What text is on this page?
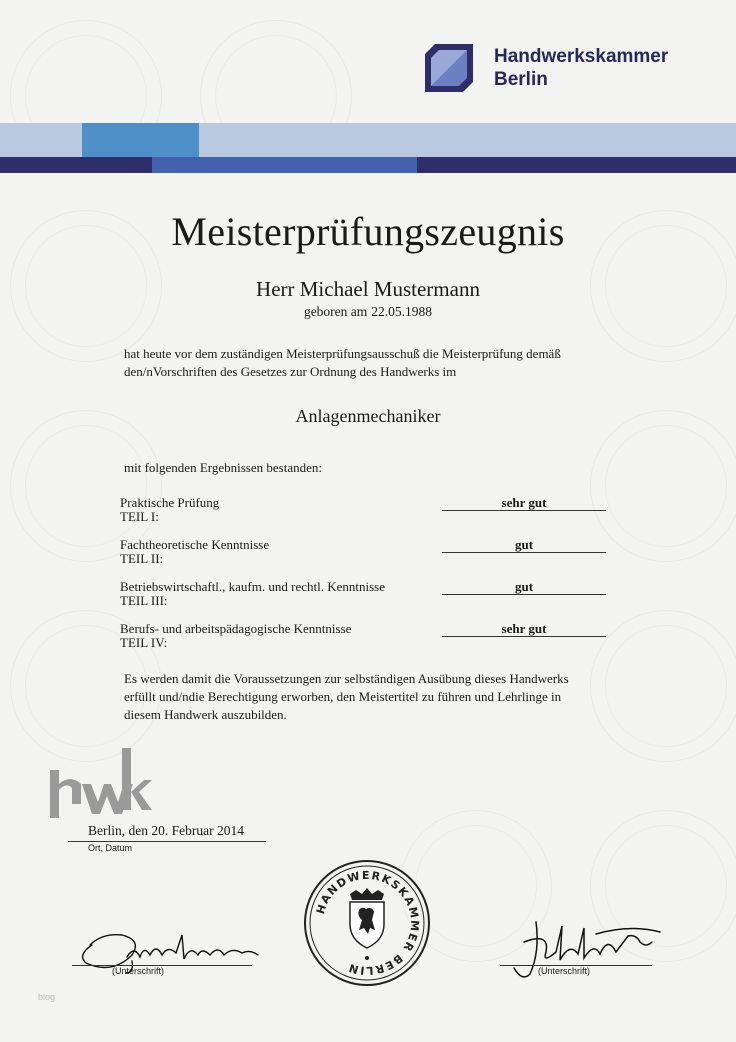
Handwerkskammer
Berlin
Meisterprüfungszeugnis
Herr Michael Mustermann
geboren am 22.05.1988
hat heute vor dem zuständigen Meisterprüfungsausschuß die Meisterprüfung demäß
den/nVorschriften des Gesetzes zur Ordnung des Handwerks im
Anlagenmechaniker
mit folgenden Ergebnissen bestanden:
Praktische Prüfung
TEIL I:
sehr gut
Fachtheoretische Kenntnisse
TEIL II:
gut
Betriebswirtschaftl., kaufm. und rechtl. Kenntnisse
TEIL III:
gut
Berufs- und arbeitspädagogische Kenntnisse
TEIL IV:
sehr gut
Es werden damit die Voraussetzungen zur selbständigen Ausübung dieses Handwerks
erfüllt und/ndie Berechtigung erworben, den Meistertitel zu führen und Lehrlinge in
diesem Handwerk auszubilden.
Berlin, den 20. Februar 2014
Ort, Datum
HANDWERKSKAMMER BERLIN
(Unterschrift)	(Unterschrift)
blog
